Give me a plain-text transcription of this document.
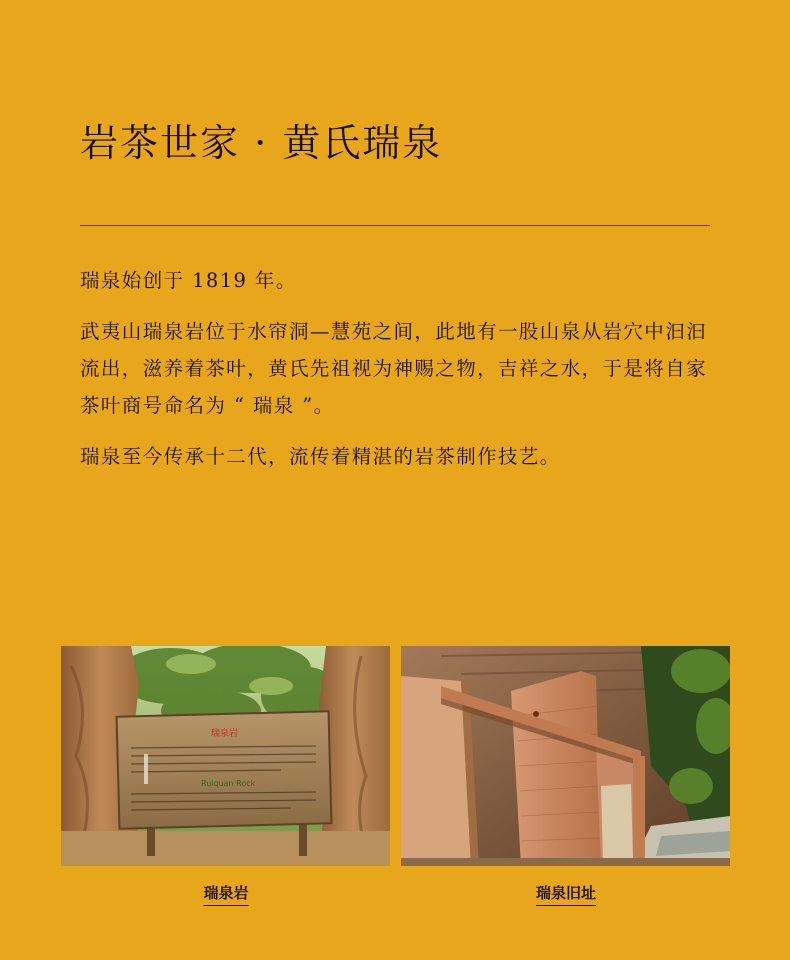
岩茶世家 · 黄氏瑞泉

瑞泉始创于 1819 年。

武夷山瑞泉岩位于水帘洞—慧苑之间，此地有一股山泉从岩穴中汩汩流出，滋养着茶叶，黄氏先祖视为神赐之物，吉祥之水，于是将自家茶叶商号命名为 “ 瑞泉 ”。

瑞泉至今传承十二代，流传着精湛的岩茶制作技艺。

瑞泉岩
Ruiquan Rock
瑞泉岩	瑞泉旧址
